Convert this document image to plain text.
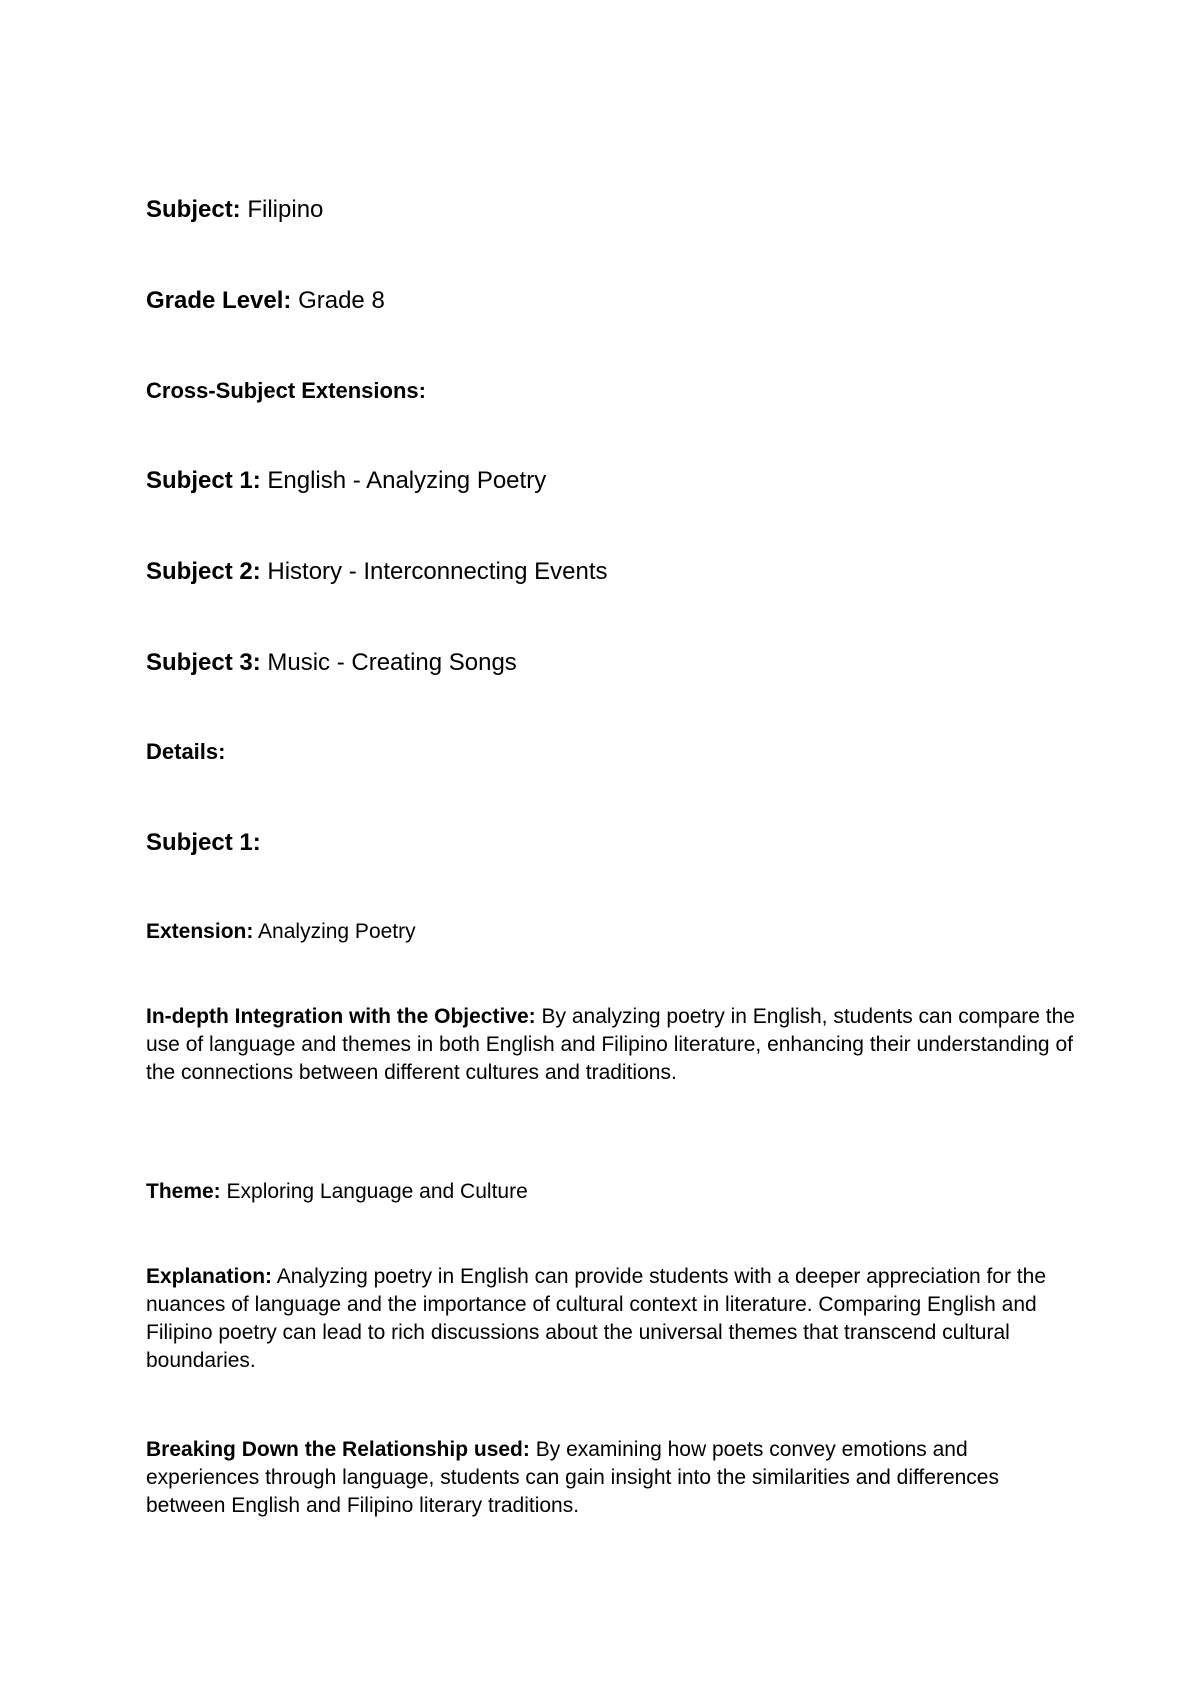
Subject: Filipino
Grade Level: Grade 8
Cross-Subject Extensions:
Subject 1: English - Analyzing Poetry
Subject 2: History - Interconnecting Events
Subject 3: Music - Creating Songs
Details:
Subject 1:
Extension: Analyzing Poetry

In-depth Integration with the Objective: By analyzing poetry in English, students can compare the use of language and themes in both English and Filipino literature, enhancing their understanding of the connections between different cultures and traditions.

Theme: Exploring Language and Culture

Explanation: Analyzing poetry in English can provide students with a deeper appreciation for the nuances of language and the importance of cultural context in literature. Comparing English and Filipino poetry can lead to rich discussions about the universal themes that transcend cultural boundaries.

Breaking Down the Relationship used: By examining how poets convey emotions and experiences through language, students can gain insight into the similarities and differences between English and Filipino literary traditions.
